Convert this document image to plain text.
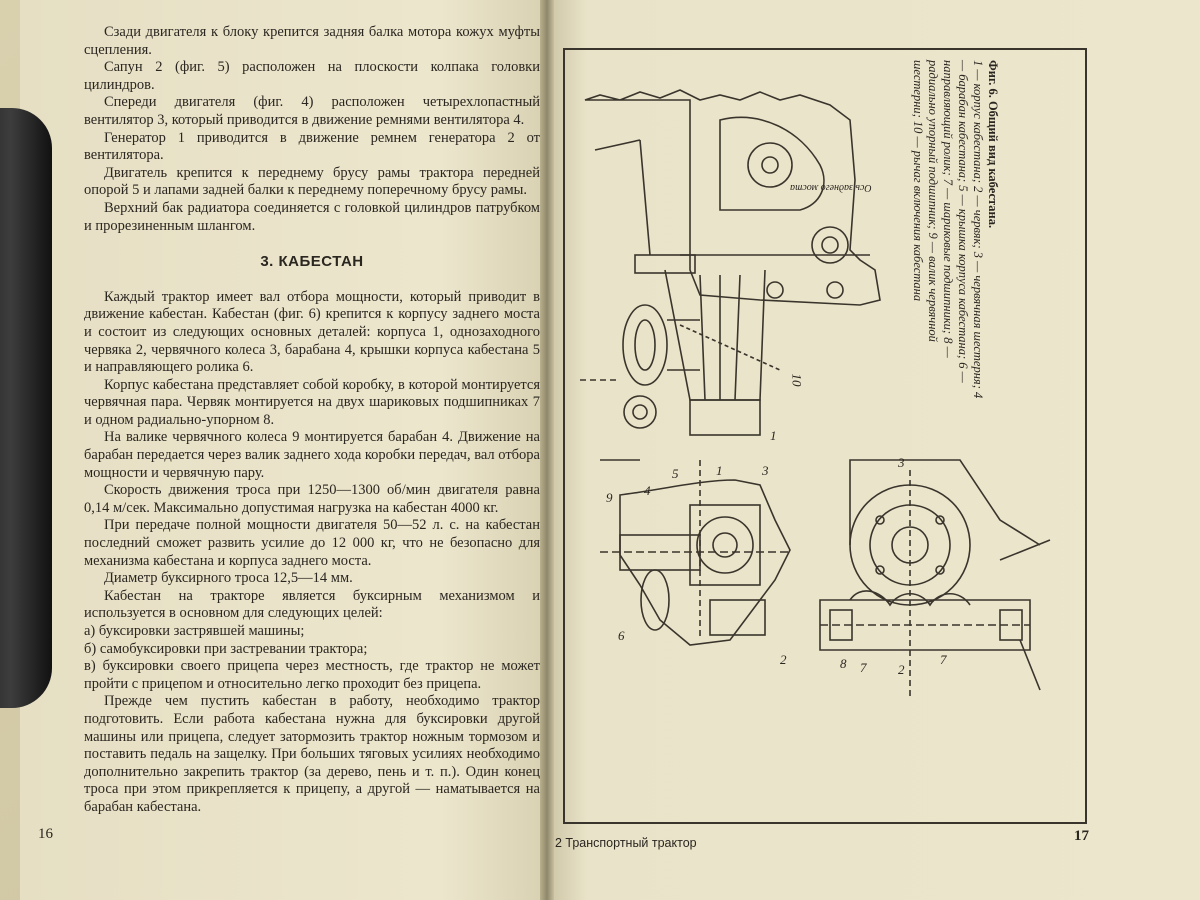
Сзади двигателя к блоку крепится задняя балка мотора кожух муфты сцепления.

Сапун 2 (фиг. 5) расположен на плоскости колпака головки цилиндров.

Спереди двигателя (фиг. 4) расположен четырехлопастный вентилятор 3, который приводится в движение ремнями вентилятора 4.

Генератор 1 приводится в движение ремнем генератора 2 от вентилятора.

Двигатель крепится к переднему брусу рамы трактора передней опорой 5 и лапами задней балки к переднему поперечному брусу рамы.

Верхний бак радиатора соединяется с головкой цилиндров патрубком и прорезиненным шлангом.

3. КАБЕСТАН

Каждый трактор имеет вал отбора мощности, который приводит в движение кабестан. Кабестан (фиг. 6) крепится к корпусу заднего моста и состоит из следующих основных деталей: корпуса 1, однозаходного червяка 2, червячного колеса 3, барабана 4, крышки корпуса кабестана 5 и направляющего ролика 6.

Корпус кабестана представляет собой коробку, в которой монтируется червячная пара. Червяк монтируется на двух шариковых подшипниках 7 и одном радиально-упорном 8.

На валике червячного колеса 9 монтируется барабан 4. Движение на барабан передается через валик заднего хода коробки передач, вал отбора мощности и червячную пару.

Скорость движения троса при 1250—1300 об/мин двигателя равна 0,14 м/сек. Максимально допустимая нагрузка на кабестан 4000 кг.

При передаче полной мощности двигателя 50—52 л. с. на кабестан последний сможет развить усилие до 12 000 кг, что не безопасно для механизма кабестана и корпуса заднего моста.

Диаметр буксирного троса 12,5—14 мм.

Кабестан на тракторе является буксирным механизмом и используется в основном для следующих целей:

а) буксировки застрявшей машины;

б) самобуксировки при застревании трактора;

в) буксировки своего прицепа через местность, где трактор не может пройти с прицепом и относительно легко проходит без прицепа.

Прежде чем пустить кабестан в работу, необходимо трактор подготовить. Если работа кабестана нужна для буксировки другой машины или прицепа, следует затормозить трактор ножным тормозом и поставить педаль на защелку. При больших тяговых усилиях необходимо дополнительно закрепить трактор (за дерево, пень и т. п.). Один конец троса при этом прикрепляется к прицепу, а другой — наматывается на барабан кабестана.

16
10
1
9 4
5	1	3
6
2
3
8 7 2
7
Ось заднего моста	Фиг. 6. Общий вид кабестана.
1 — корпус кабестана; 2 — червяк; 3 — червячная шестерня; 4 — барабан кабестана; 5 — крышка корпуса кабестана; 6 — направляющий ролик; 7 — шариковые подшипники; 8 — радиально упорный подшипник; 9 — валик червячной шестерни; 10 — рычаг включения кабестана
2 Транспортный трактор	17
